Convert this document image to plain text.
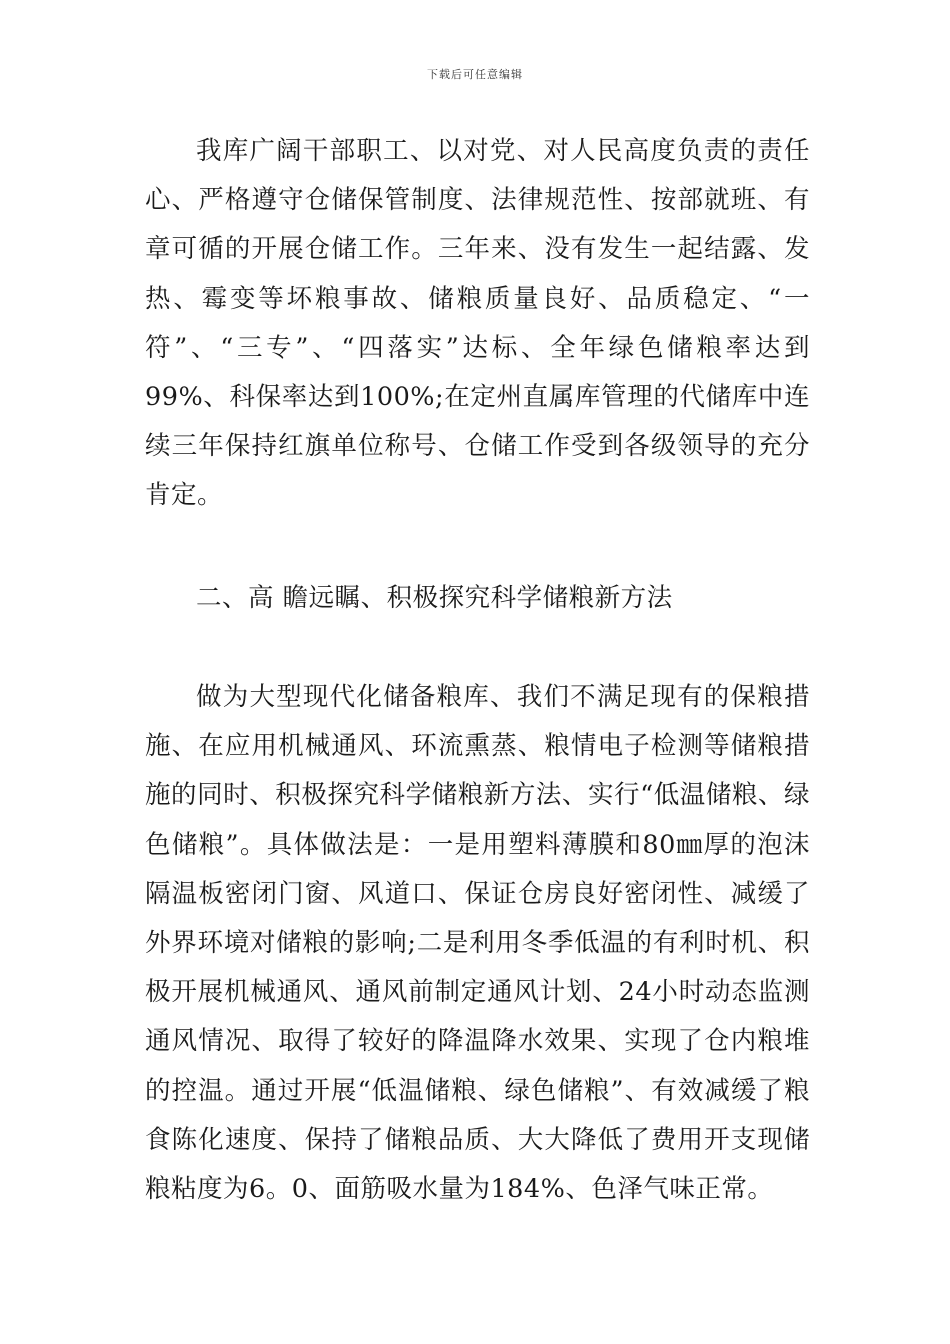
下载后可任意编辑

我库广阔干部职工、以对党、对人民高度负责的责任心、严格遵守仓储保管制度、法律规范性、按部就班、有章可循的开展仓储工作。三年来、没有发生一起结露、发热、霉变等坏粮事故、储粮质量良好、品质稳定、“一符”、“三专”、“四落实”达标、全年绿色储粮率达到99%、科保率达到100%;在定州直属库管理的代储库中连续三年保持红旗单位称号、仓储工作受到各级领导的充分肯定。

二、高 瞻远瞩、积极探究科学储粮新方法

做为大型现代化储备粮库、我们不满足现有的保粮措施、在应用机械通风、环流熏蒸、粮情电子检测等储粮措施的同时、积极探究科学储粮新方法、实行“低温储粮、绿色储粮”。具体做法是：一是用塑料薄膜和80㎜厚的泡沫隔温板密闭门窗、风道口、保证仓房良好密闭性、减缓了外界环境对储粮的影响;二是利用冬季低温的有利时机、积极开展机械通风、通风前制定通风计划、24小时动态监测通风情况、取得了较好的降温降水效果、实现了仓内粮堆的控温。通过开展“低温储粮、绿色储粮”、有效减缓了粮食陈化速度、保持了储粮品质、大大降低了费用开支现储粮粘度为6。0、面筋吸水量为184%、色泽气味正常。
